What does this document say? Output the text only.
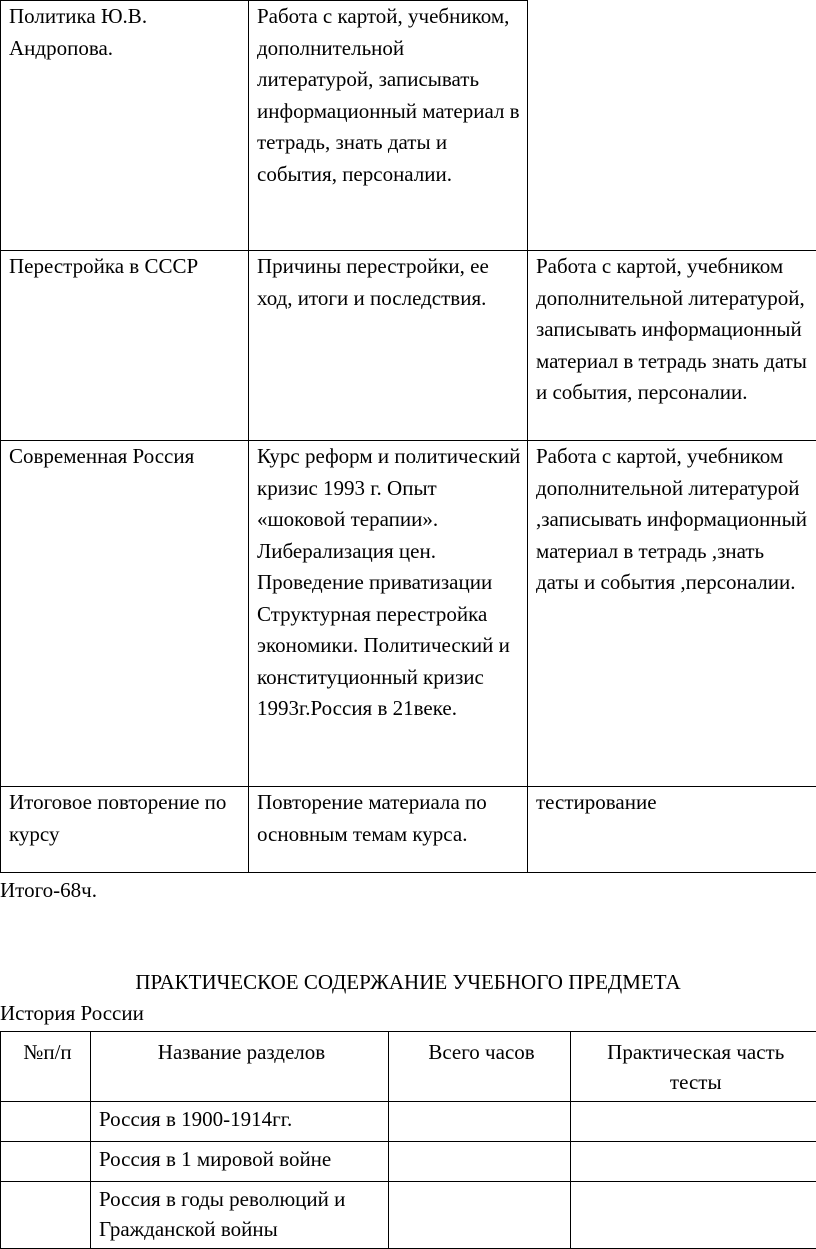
Политика Ю.В. Андропова.	Работа с картой, учебником, дополнительной литературой, записывать информационный материал в тетрадь, знать даты и события, персоналии.	
Перестройка в СССР	Причины перестройки, ее ход, итоги и последствия.	Работа с картой, учебником дополнительной литературой, записывать информационный материал в тетрадь знать даты и события, персоналии.
Современная Россия	Курс реформ и политический кризис 1993 г. Опыт «шоковой терапии». Либерализация цен. Проведение приватизации Структурная перестройка экономики. Политический и конституционный кризис 1993г.Россия в 21веке.	Работа с картой, учебником дополнительной литературой ,записывать информационный материал в тетрадь ,знать даты и события ,персоналии.
Итоговое повторение по курсу	Повторение материала по основным темам курса.	тестирование
Итого-68ч.
ПРАКТИЧЕСКОЕ СОДЕРЖАНИЕ УЧЕБНОГО ПРЕДМЕТА
История России
№п/п	Название разделов	Всего часов	Практическая часть тесты
	Россия в 1900-1914гг.		
	Россия в 1 мировой войне		
	Россия в годы революций и Гражданской войны		
